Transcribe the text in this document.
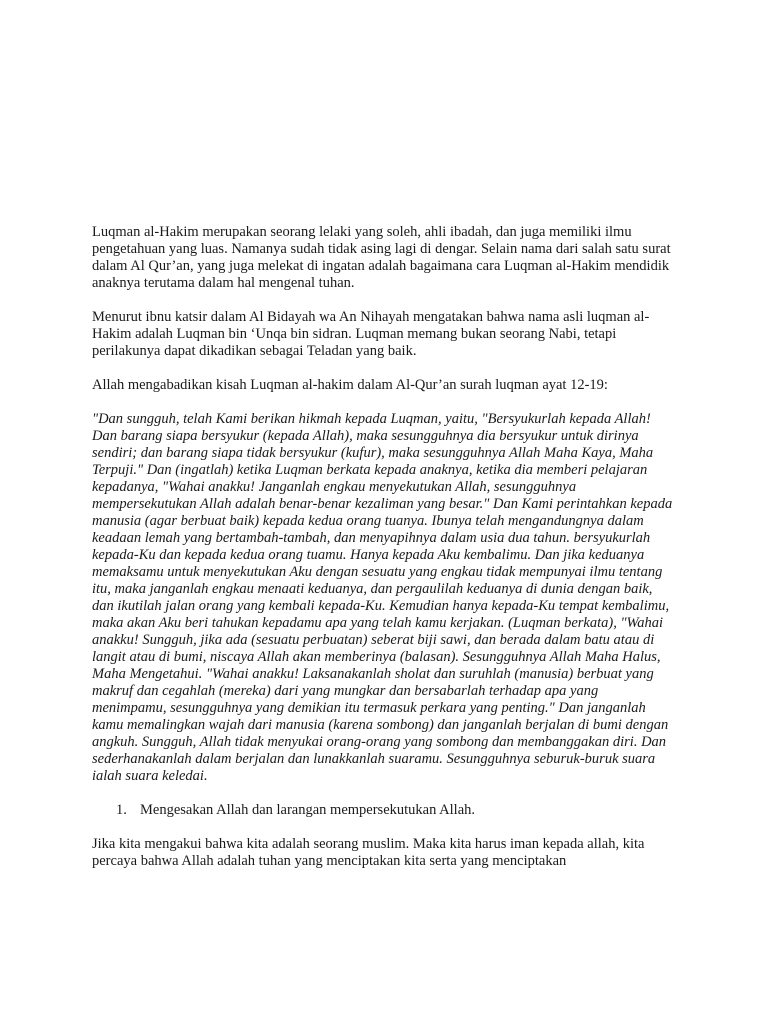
Luqman al-Hakim merupakan seorang lelaki yang soleh, ahli ibadah, dan juga memiliki ilmu pengetahuan yang luas. Namanya sudah tidak asing lagi di dengar. Selain nama dari salah satu surat dalam Al Qur’an, yang juga melekat di ingatan adalah bagaimana cara Luqman al-Hakim mendidik anaknya terutama dalam hal mengenal tuhan.

Menurut ibnu katsir dalam Al Bidayah wa An Nihayah mengatakan bahwa nama asli luqman al-Hakim adalah Luqman bin ‘Unqa bin sidran. Luqman memang bukan seorang Nabi, tetapi perilakunya dapat dikadikan sebagai Teladan yang baik.

Allah mengabadikan kisah Luqman al-hakim dalam Al-Qur’an surah luqman ayat 12-19:

"Dan sungguh, telah Kami berikan hikmah kepada Luqman, yaitu, "Bersyukurlah kepada Allah! Dan barang siapa bersyukur (kepada Allah), maka sesungguhnya dia bersyukur untuk dirinya sendiri; dan barang siapa tidak bersyukur (kufur), maka sesungguhnya Allah Maha Kaya, Maha Terpuji." Dan (ingatlah) ketika Luqman berkata kepada anaknya, ketika dia memberi pelajaran kepadanya, "Wahai anakku! Janganlah engkau menyekutukan Allah, sesungguhnya mempersekutukan Allah adalah benar-benar kezaliman yang besar." Dan Kami perintahkan kepada manusia (agar berbuat baik) kepada kedua orang tuanya. Ibunya telah mengandungnya dalam keadaan lemah yang bertambah-tambah, dan menyapihnya dalam usia dua tahun. bersyukurlah kepada-Ku dan kepada kedua orang tuamu. Hanya kepada Aku kembalimu. Dan jika keduanya memaksamu untuk menyekutukan Aku dengan sesuatu yang engkau tidak mempunyai ilmu tentang itu, maka janganlah engkau menaati keduanya, dan pergaulilah keduanya di dunia dengan baik, dan ikutilah jalan orang yang kembali kepada-Ku. Kemudian hanya kepada-Ku tempat kembalimu, maka akan Aku beri tahukan kepadamu apa yang telah kamu kerjakan. (Luqman berkata), "Wahai anakku! Sungguh, jika ada (sesuatu perbuatan) seberat biji sawi, dan berada dalam batu atau di langit atau di bumi, niscaya Allah akan memberinya (balasan). Sesungguhnya Allah Maha Halus, Maha Mengetahui. "Wahai anakku! Laksanakanlah sholat dan suruhlah (manusia) berbuat yang makruf dan cegahlah (mereka) dari yang mungkar dan bersabarlah terhadap apa yang menimpamu, sesungguhnya yang demikian itu termasuk perkara yang penting." Dan janganlah kamu memalingkan wajah dari manusia (karena sombong) dan janganlah berjalan di bumi dengan angkuh. Sungguh, Allah tidak menyukai orang-orang yang sombong dan membanggakan diri. Dan sederhanakanlah dalam berjalan dan lunakkanlah suaramu. Sesungguhnya seburuk-buruk suara ialah suara keledai.

1. Mengesakan Allah dan larangan mempersekutukan Allah.

Jika kita mengakui bahwa kita adalah seorang muslim. Maka kita harus iman kepada allah, kita percaya bahwa Allah adalah tuhan yang menciptakan kita serta yang menciptakan
